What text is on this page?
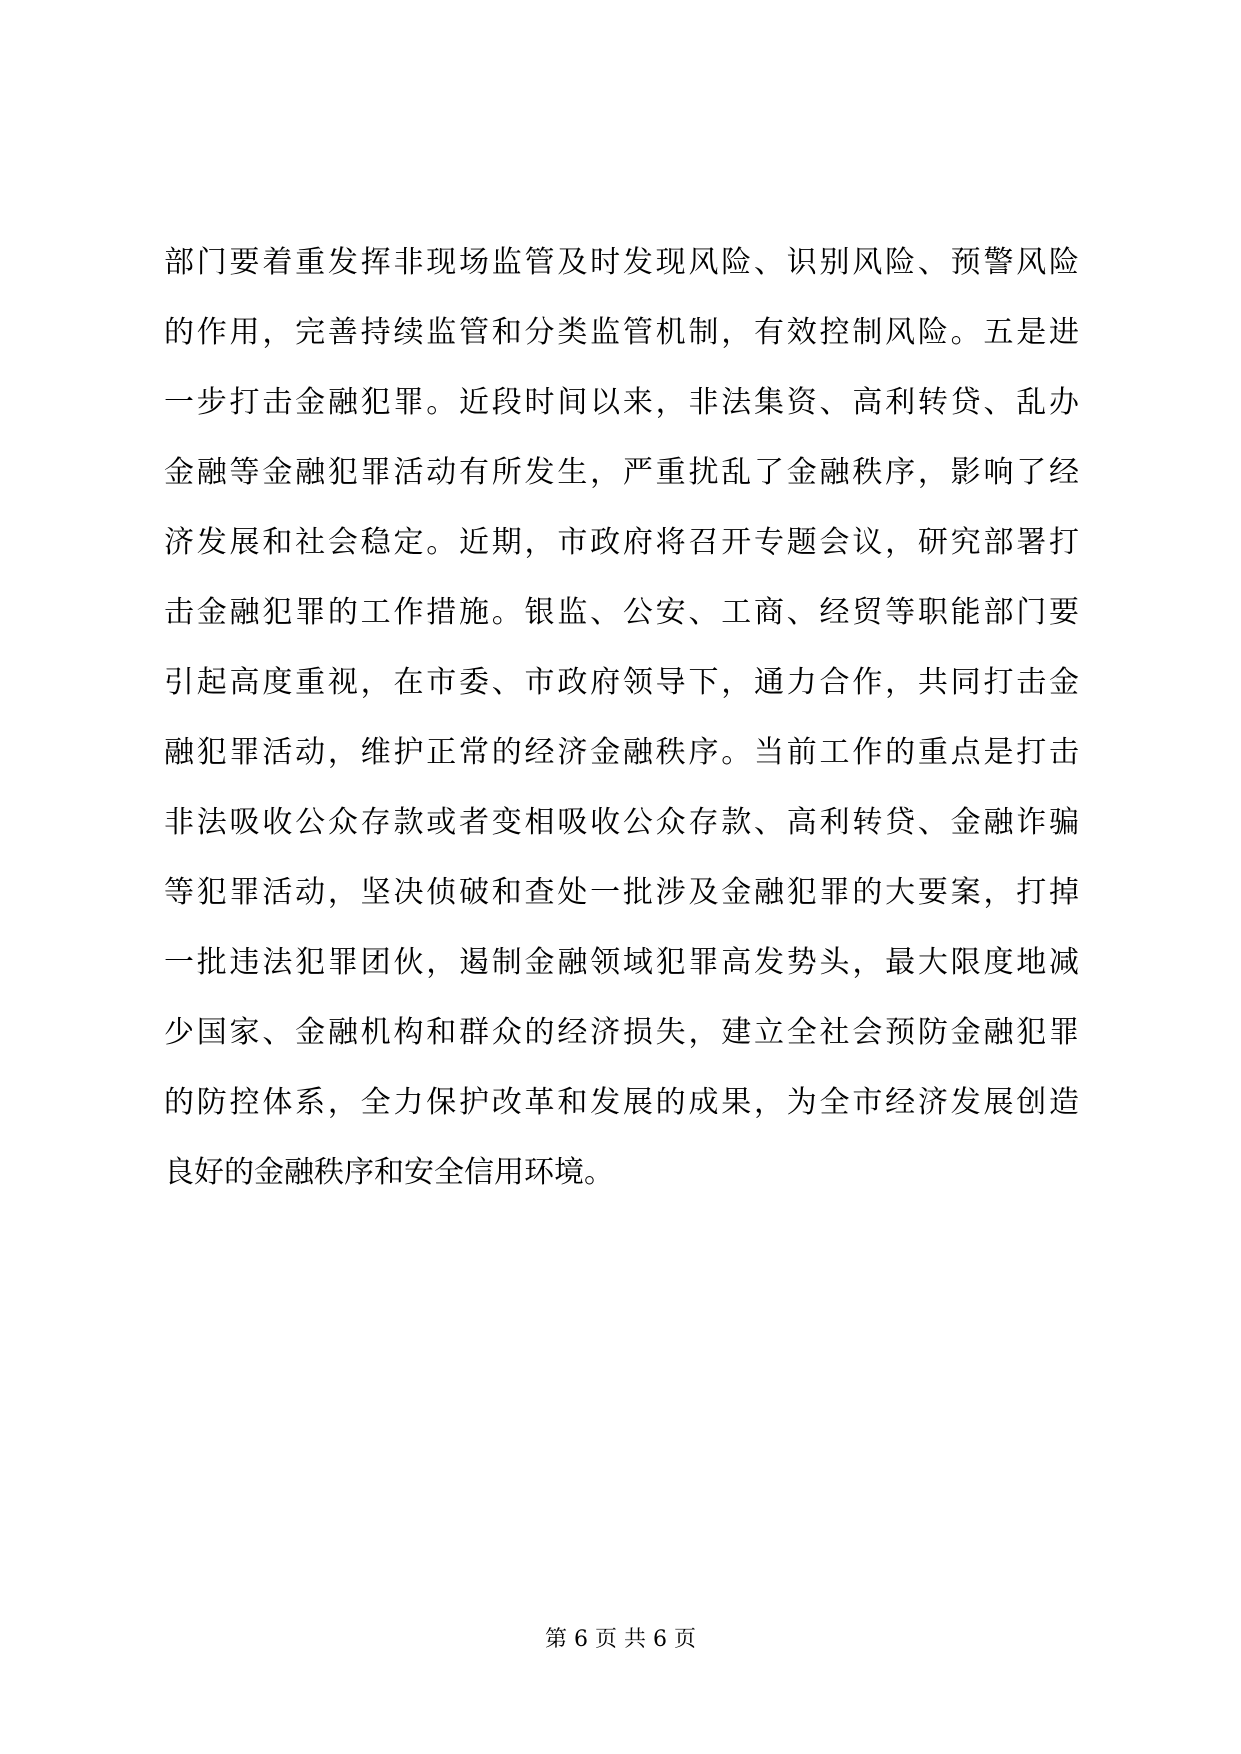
部门要着重发挥非现场监管及时发现风险、识别风险、预警风险
的作用，完善持续监管和分类监管机制，有效控制风险。五是进
一步打击金融犯罪。近段时间以来，非法集资、高利转贷、乱办
金融等金融犯罪活动有所发生，严重扰乱了金融秩序，影响了经
济发展和社会稳定。近期，市政府将召开专题会议，研究部署打
击金融犯罪的工作措施。银监、公安、工商、经贸等职能部门要
引起高度重视，在市委、市政府领导下，通力合作，共同打击金
融犯罪活动，维护正常的经济金融秩序。当前工作的重点是打击
非法吸收公众存款或者变相吸收公众存款、高利转贷、金融诈骗
等犯罪活动，坚决侦破和查处一批涉及金融犯罪的大要案，打掉
一批违法犯罪团伙，遏制金融领域犯罪高发势头，最大限度地减
少国家、金融机构和群众的经济损失，建立全社会预防金融犯罪
的防控体系，全力保护改革和发展的成果，为全市经济发展创造
良好的金融秩序和安全信用环境。
第 6 页 共 6 页
